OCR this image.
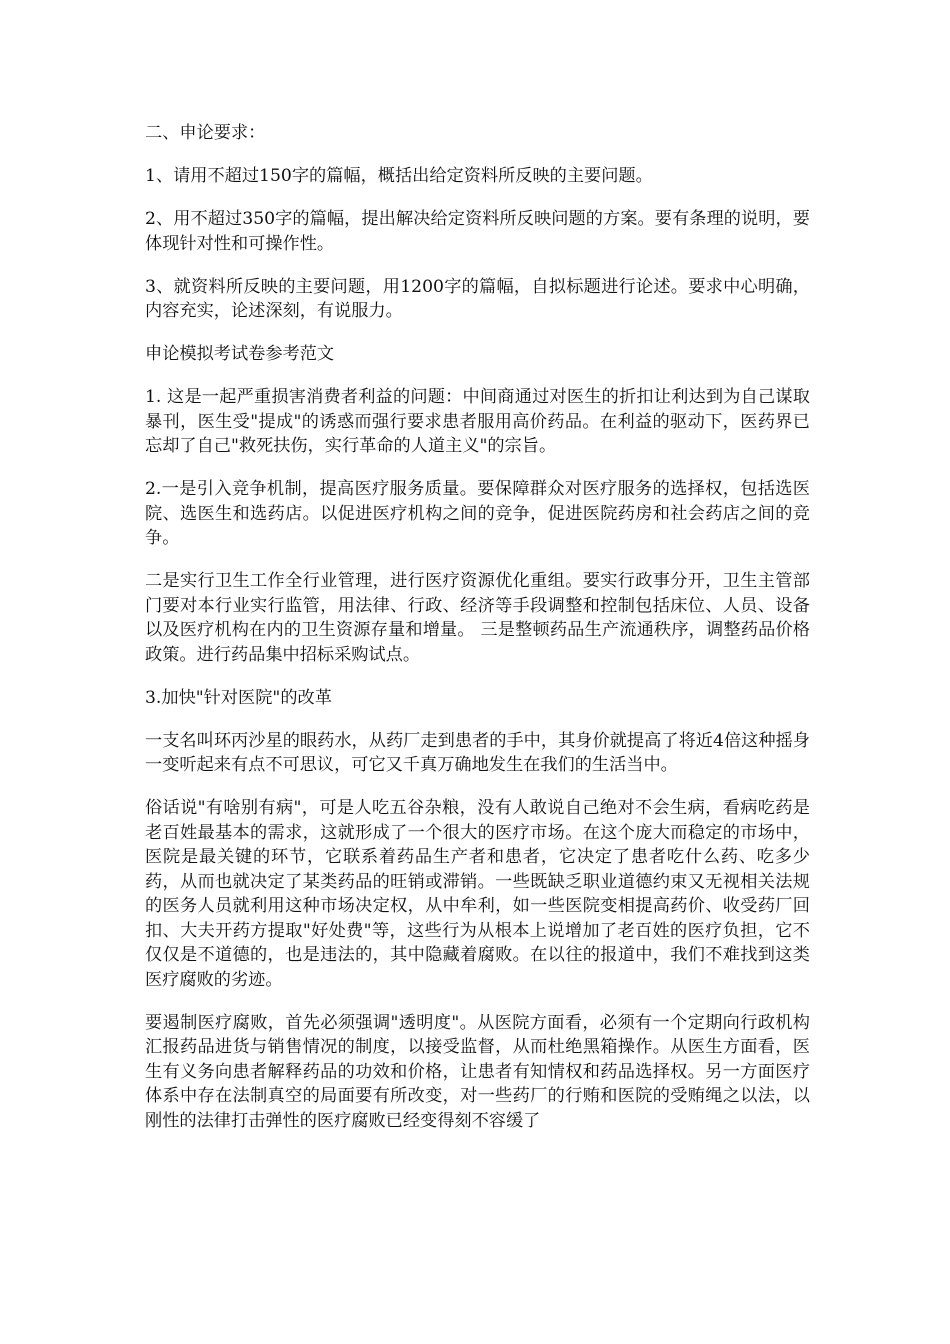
二、申论要求：

1、请用不超过150字的篇幅，概括出给定资料所反映的主要问题。

2、用不超过350字的篇幅，提出解决给定资料所反映问题的方案。要有条理的说明，要体现针对性和可操作性。

3、就资料所反映的主要问题，用1200字的篇幅，自拟标题进行论述。要求中心明确，内容充实，论述深刻，有说服力。

申论模拟考试卷参考范文

1. 这是一起严重损害消费者利益的问题：中间商通过对医生的折扣让利达到为自己谋取暴刊，医生受"提成"的诱惑而强行要求患者服用高价药品。在利益的驱动下，医药界已忘却了自己"救死扶伤，实行革命的人道主义"的宗旨。

2.一是引入竞争机制，提高医疗服务质量。要保障群众对医疗服务的选择权，包括选医院、选医生和选药店。以促进医疗机构之间的竞争，促进医院药房和社会药店之间的竞争。

二是实行卫生工作全行业管理，进行医疗资源优化重组。要实行政事分开，卫生主管部门要对本行业实行监管，用法律、行政、经济等手段调整和控制包括床位、人员、设备以及医疗机构在内的卫生资源存量和增量。 三是整顿药品生产流通秩序，调整药品价格政策。进行药品集中招标采购试点。

3.加快"针对医院"的改革

一支名叫环丙沙星的眼药水，从药厂走到患者的手中，其身价就提高了将近4倍这种摇身一变听起来有点不可思议，可它又千真万确地发生在我们的生活当中。

俗话说"有啥别有病"，可是人吃五谷杂粮，没有人敢说自己绝对不会生病，看病吃药是老百姓最基本的需求，这就形成了一个很大的医疗市场。在这个庞大而稳定的市场中，医院是最关键的环节，它联系着药品生产者和患者，它决定了患者吃什么药、吃多少药，从而也就决定了某类药品的旺销或滞销。一些既缺乏职业道德约束又无视相关法规的医务人员就利用这种市场决定权，从中牟利，如一些医院变相提高药价、收受药厂回扣、大夫开药方提取"好处费"等，这些行为从根本上说增加了老百姓的医疗负担，它不仅仅是不道德的，也是违法的，其中隐藏着腐败。在以往的报道中，我们不难找到这类医疗腐败的劣迹。

要遏制医疗腐败，首先必须强调"透明度"。从医院方面看，必须有一个定期向行政机构汇报药品进货与销售情况的制度，以接受监督，从而杜绝黑箱操作。从医生方面看，医生有义务向患者解释药品的功效和价格，让患者有知情权和药品选择权。另一方面医疗体系中存在法制真空的局面要有所改变，对一些药厂的行贿和医院的受贿绳之以法，以刚性的法律打击弹性的医疗腐败已经变得刻不容缓了
